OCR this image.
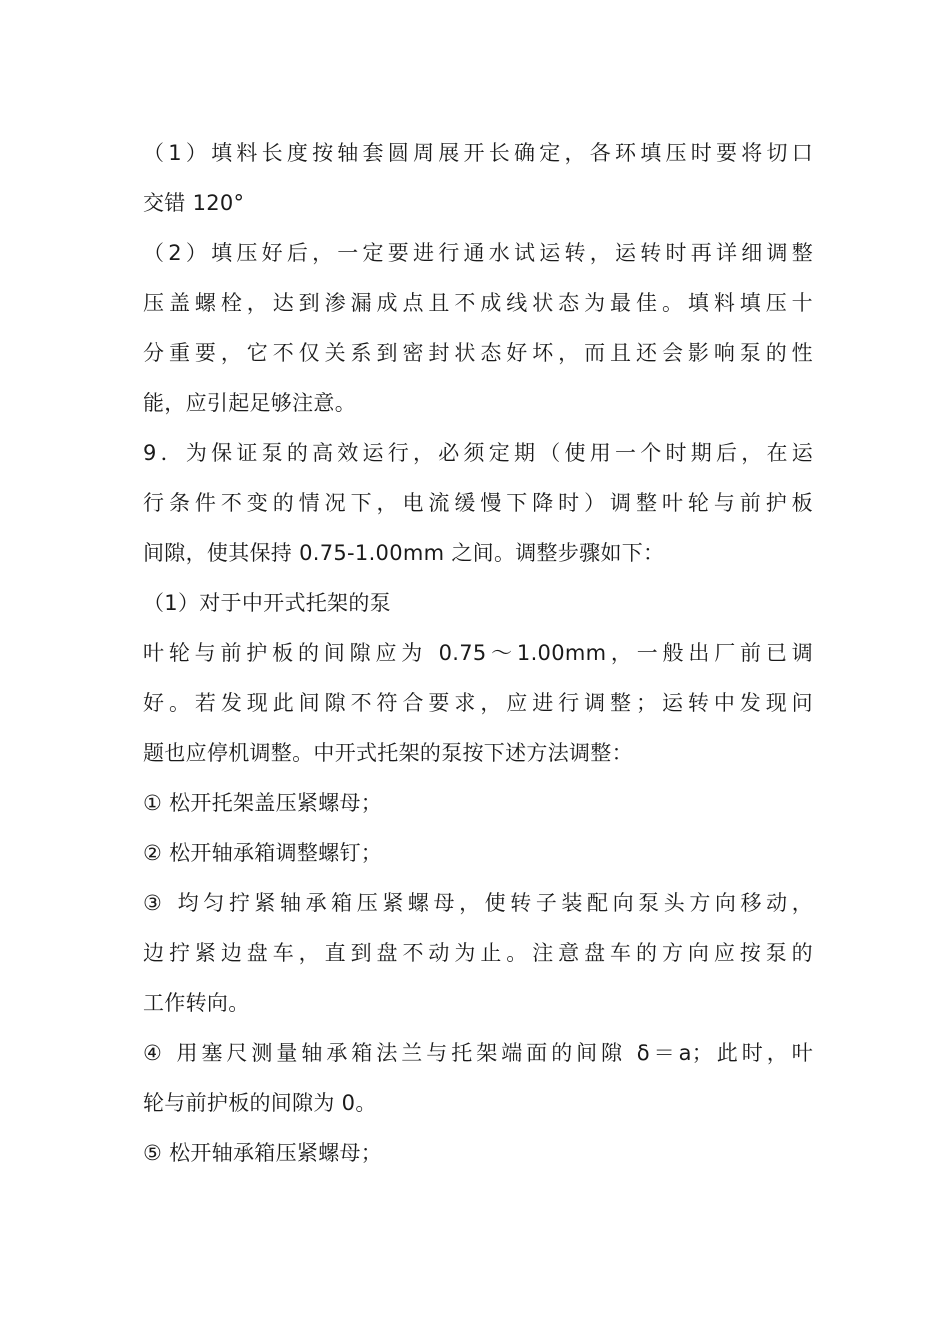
（1）填料长度按轴套圆周展开长确定，各环填压时要将切口
交错 120°
（2）填压好后，一定要进行通水试运转，运转时再详细调整
压盖螺栓，达到渗漏成点且不成线状态为最佳。填料填压十
分重要，它不仅关系到密封状态好坏，而且还会影响泵的性
能，应引起足够注意。
9．为保证泵的高效运行，必须定期（使用一个时期后，在运
行条件不变的情况下，电流缓慢下降时）调整叶轮与前护板
间隙，使其保持 0.75-1.00mm 之间。调整步骤如下：
（1）对于中开式托架的泵
叶轮与前护板的间隙应为 0.75～1.00mm，一般出厂前已调
好。若发现此间隙不符合要求，应进行调整；运转中发现问
题也应停机调整。中开式托架的泵按下述方法调整：
① 松开托架盖压紧螺母；
② 松开轴承箱调整螺钉；
③ 均匀拧紧轴承箱压紧螺母，使转子装配向泵头方向移动，
边拧紧边盘车，直到盘不动为止。注意盘车的方向应按泵的
工作转向。
④ 用塞尺测量轴承箱法兰与托架端面的间隙 δ＝a；此时，叶
轮与前护板的间隙为 0。
⑤ 松开轴承箱压紧螺母；
